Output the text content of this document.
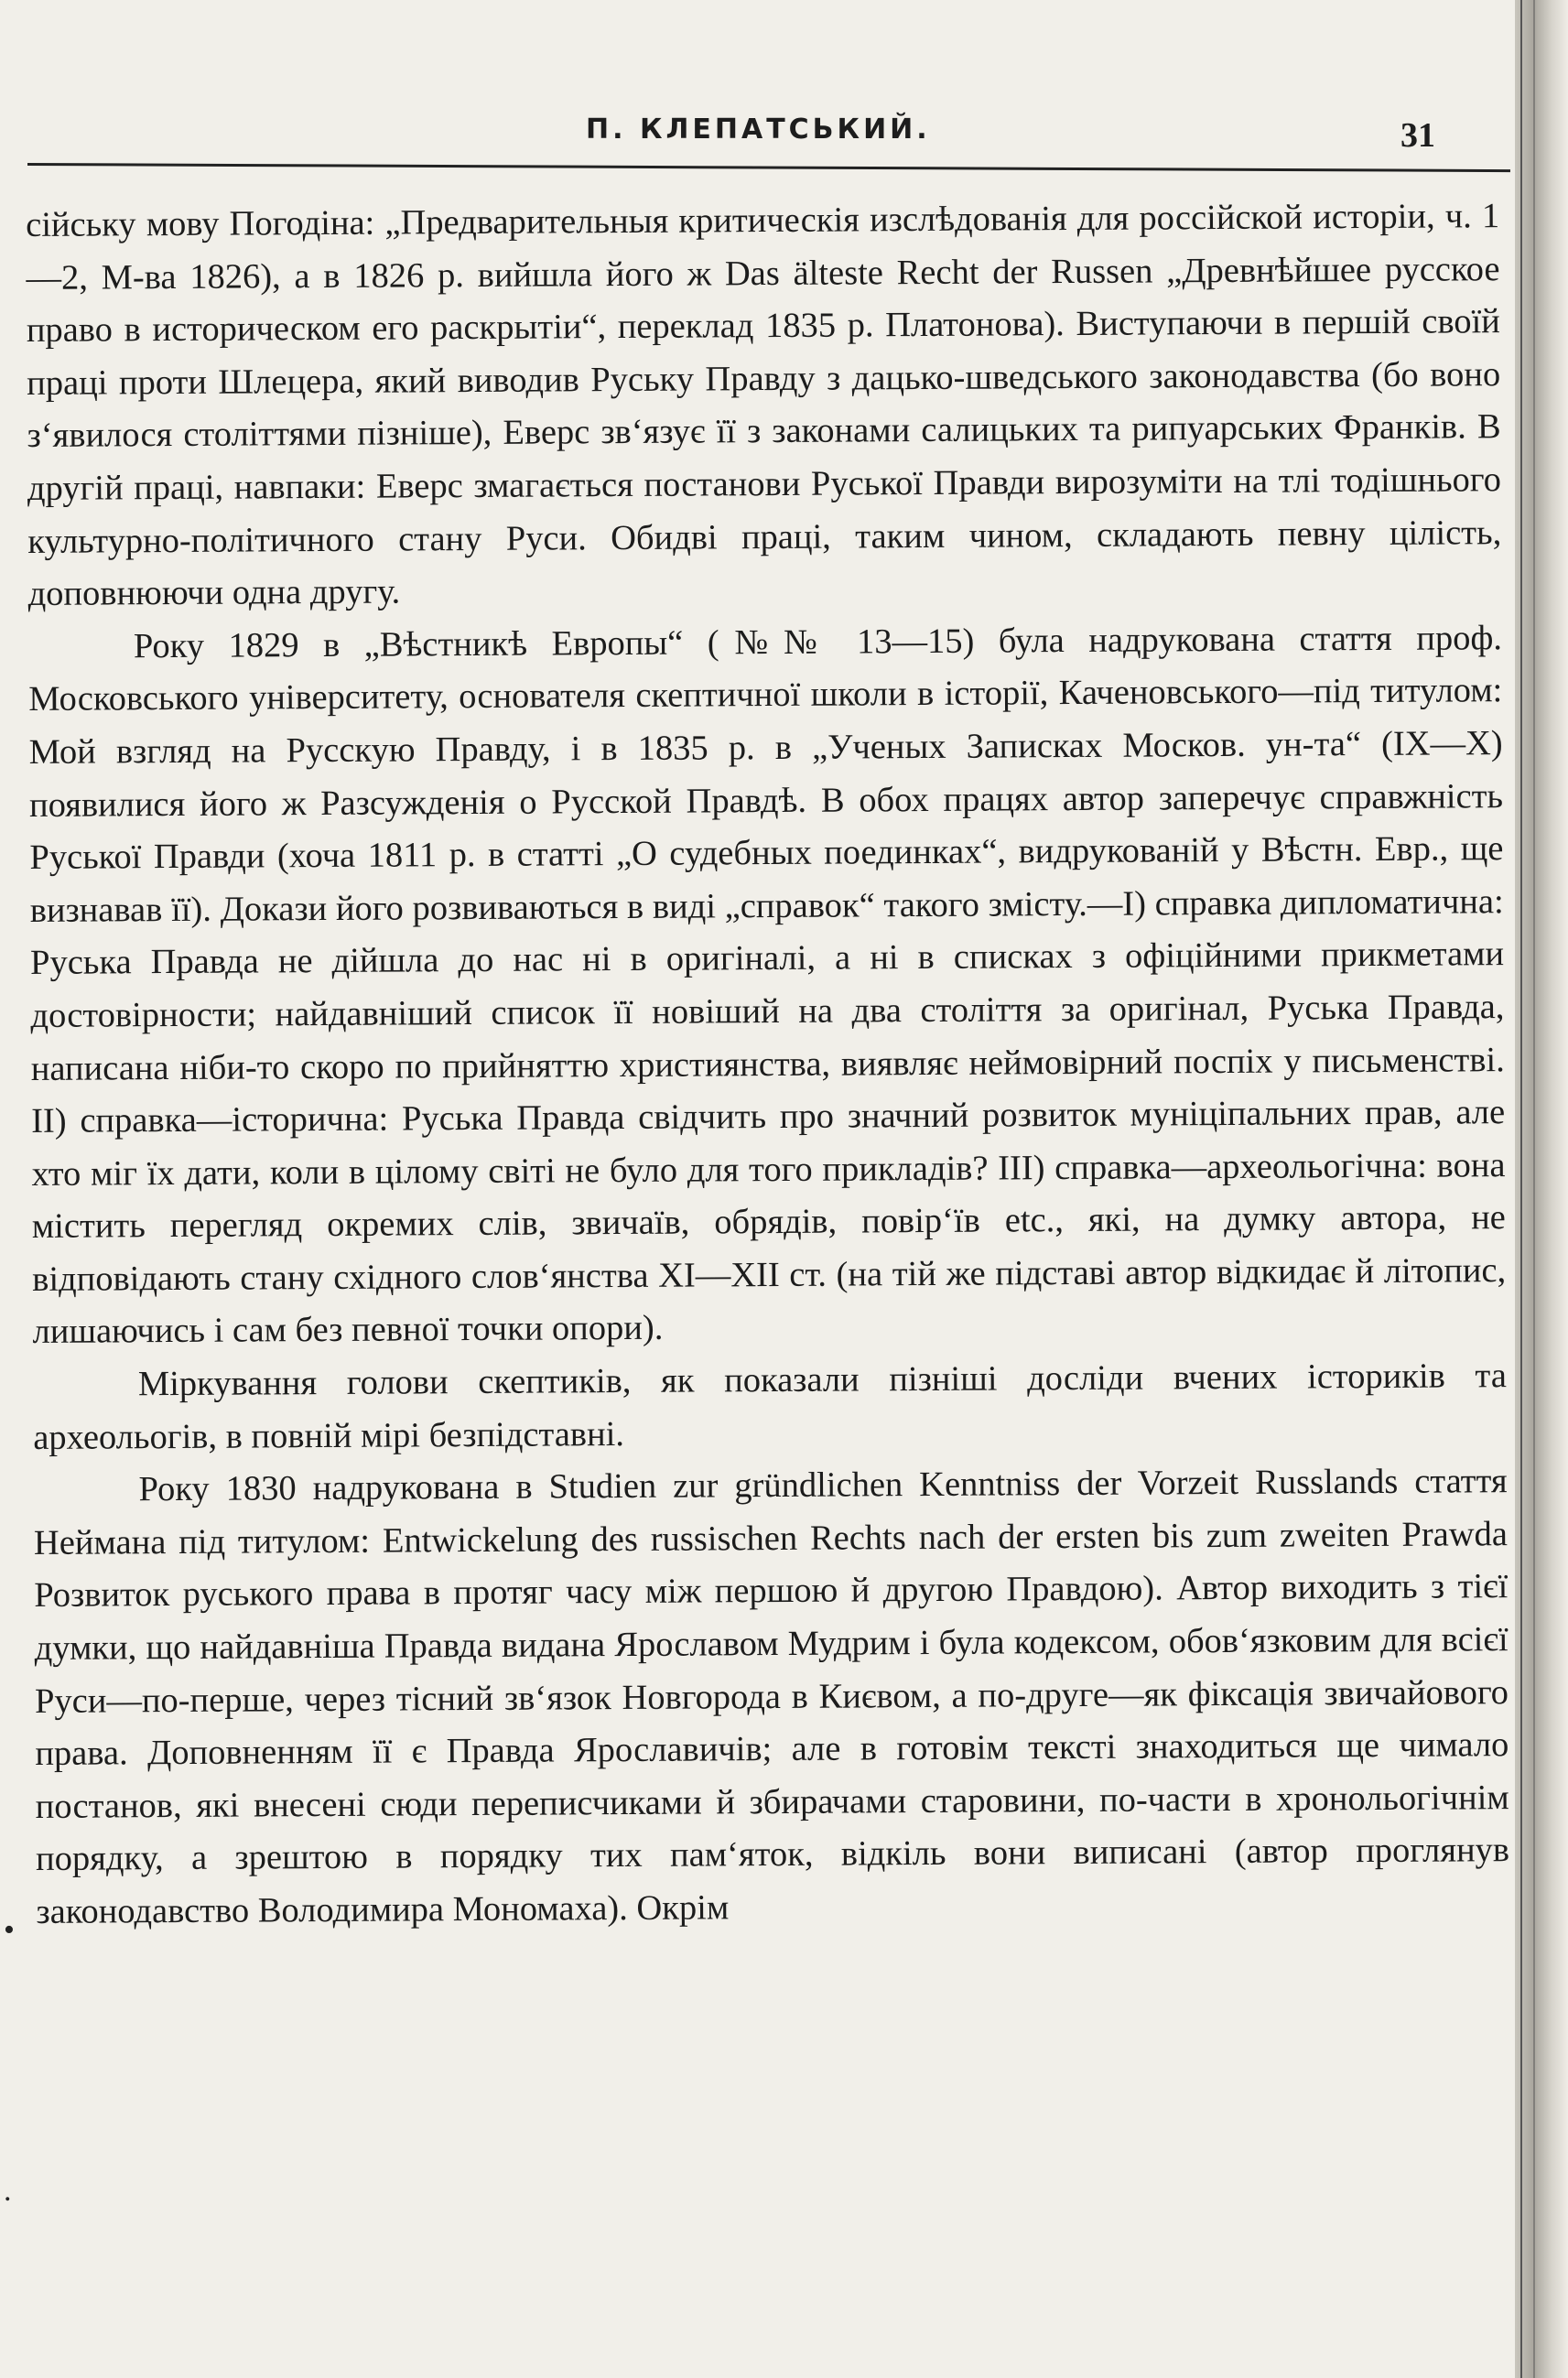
П. КЛЕПАТСЬКИЙ.	31

сійську мову Погодіна: „Предварительныя критическія изслѣдованія для россійской исторіи, ч. 1—2, М-ва 1826), а в 1826 р. вийшла його ж Das älteste Recht der Russen „Древнѣйшее русское право в историческом его раскрытіи“, переклад 1835 р. Платонова). Виступаючи в першій своїй праці проти Шлецера, який виводив Руську Правду з дацько-шведського законодавства (бо воно з‘явилося століттями пізніше), Еверс зв‘язує її з законами салицьких та рипуарських Франків. В другій праці, навпаки: Еверс змагається постанови Руської Правди вирозуміти на тлі тодішнього культурно-політичного стану Руси. Обидві праці, таким чином, складають певну цілість, доповнюючи одна другу.

Року 1829 в „Вѣстникѣ Европы“ (№№ 13—15) була надрукована стаття проф. Московського університету, основателя скептичної школи в історії, Каченовського—під титулом: Мой взгляд на Русскую Правду, і в 1835 р. в „Ученых Записках Москов. ун-та“ (IX—X) появилися його ж Разсужденія о Русской Правдѣ. В обох працях автор заперечує справжність Руської Правди (хоча 1811 р. в статті „О судебных поединках“, видрукованій у Вѣстн. Евр., ще визнавав її). Докази його розвиваються в виді „справок“ такого змісту.—I) справка дипломатична: Руська Правда не дійшла до нас ні в оригіналі, а ні в списках з офіційними прикметами достовірности; найдавніший список її новіший на два століття за оригінал, Руська Правда, написана ніби-то скоро по прийняттю християнства, виявляє неймовірний поспіх у письменстві. II) справка—історична: Руська Правда свідчить про значний розвиток муніціпальних прав, але хто міг їх дати, коли в цілому світі не було для того прикладів? III) справка—археольогічна: вона містить перегляд окремих слів, звичаїв, обрядів, повір‘їв etc., які, на думку автора, не відповідають стану східного слов‘янства XI—XII ст. (на тій же підставі автор відкидає й літопис, лишаючись і сам без певної точки опори).

Міркування голови скептиків, як показали пізніші досліди вчених істориків та археольогів, в повній мірі безпідставні.

Року 1830 надрукована в Studien zur gründlichen Kenntniss der Vorzeit Russlands стаття Неймана під титулом: Entwickelung des russischen Rechts nach der ersten bis zum zweiten Prawda Розвиток руського права в протяг часу між першою й другою Правдою). Автор виходить з тієї думки, що найдавніша Правда видана Ярославом Мудрим і була кодексом, обов‘язковим для всієї Руси—по-перше, через тісний зв‘язок Новгорода в Києвом, а по-друге—як фіксація звичайового права. Доповненням її є Правда Ярославичів; але в готовім тексті знаходиться ще чимало постанов, які внесені сюди переписчиками й збирачами старовини, по-части в хронольогічнім порядку, а зрештою в порядку тих пам‘яток, відкіль вони виписані (автор проглянув законодавство Володимира Мономаха). Окрім

•
.
